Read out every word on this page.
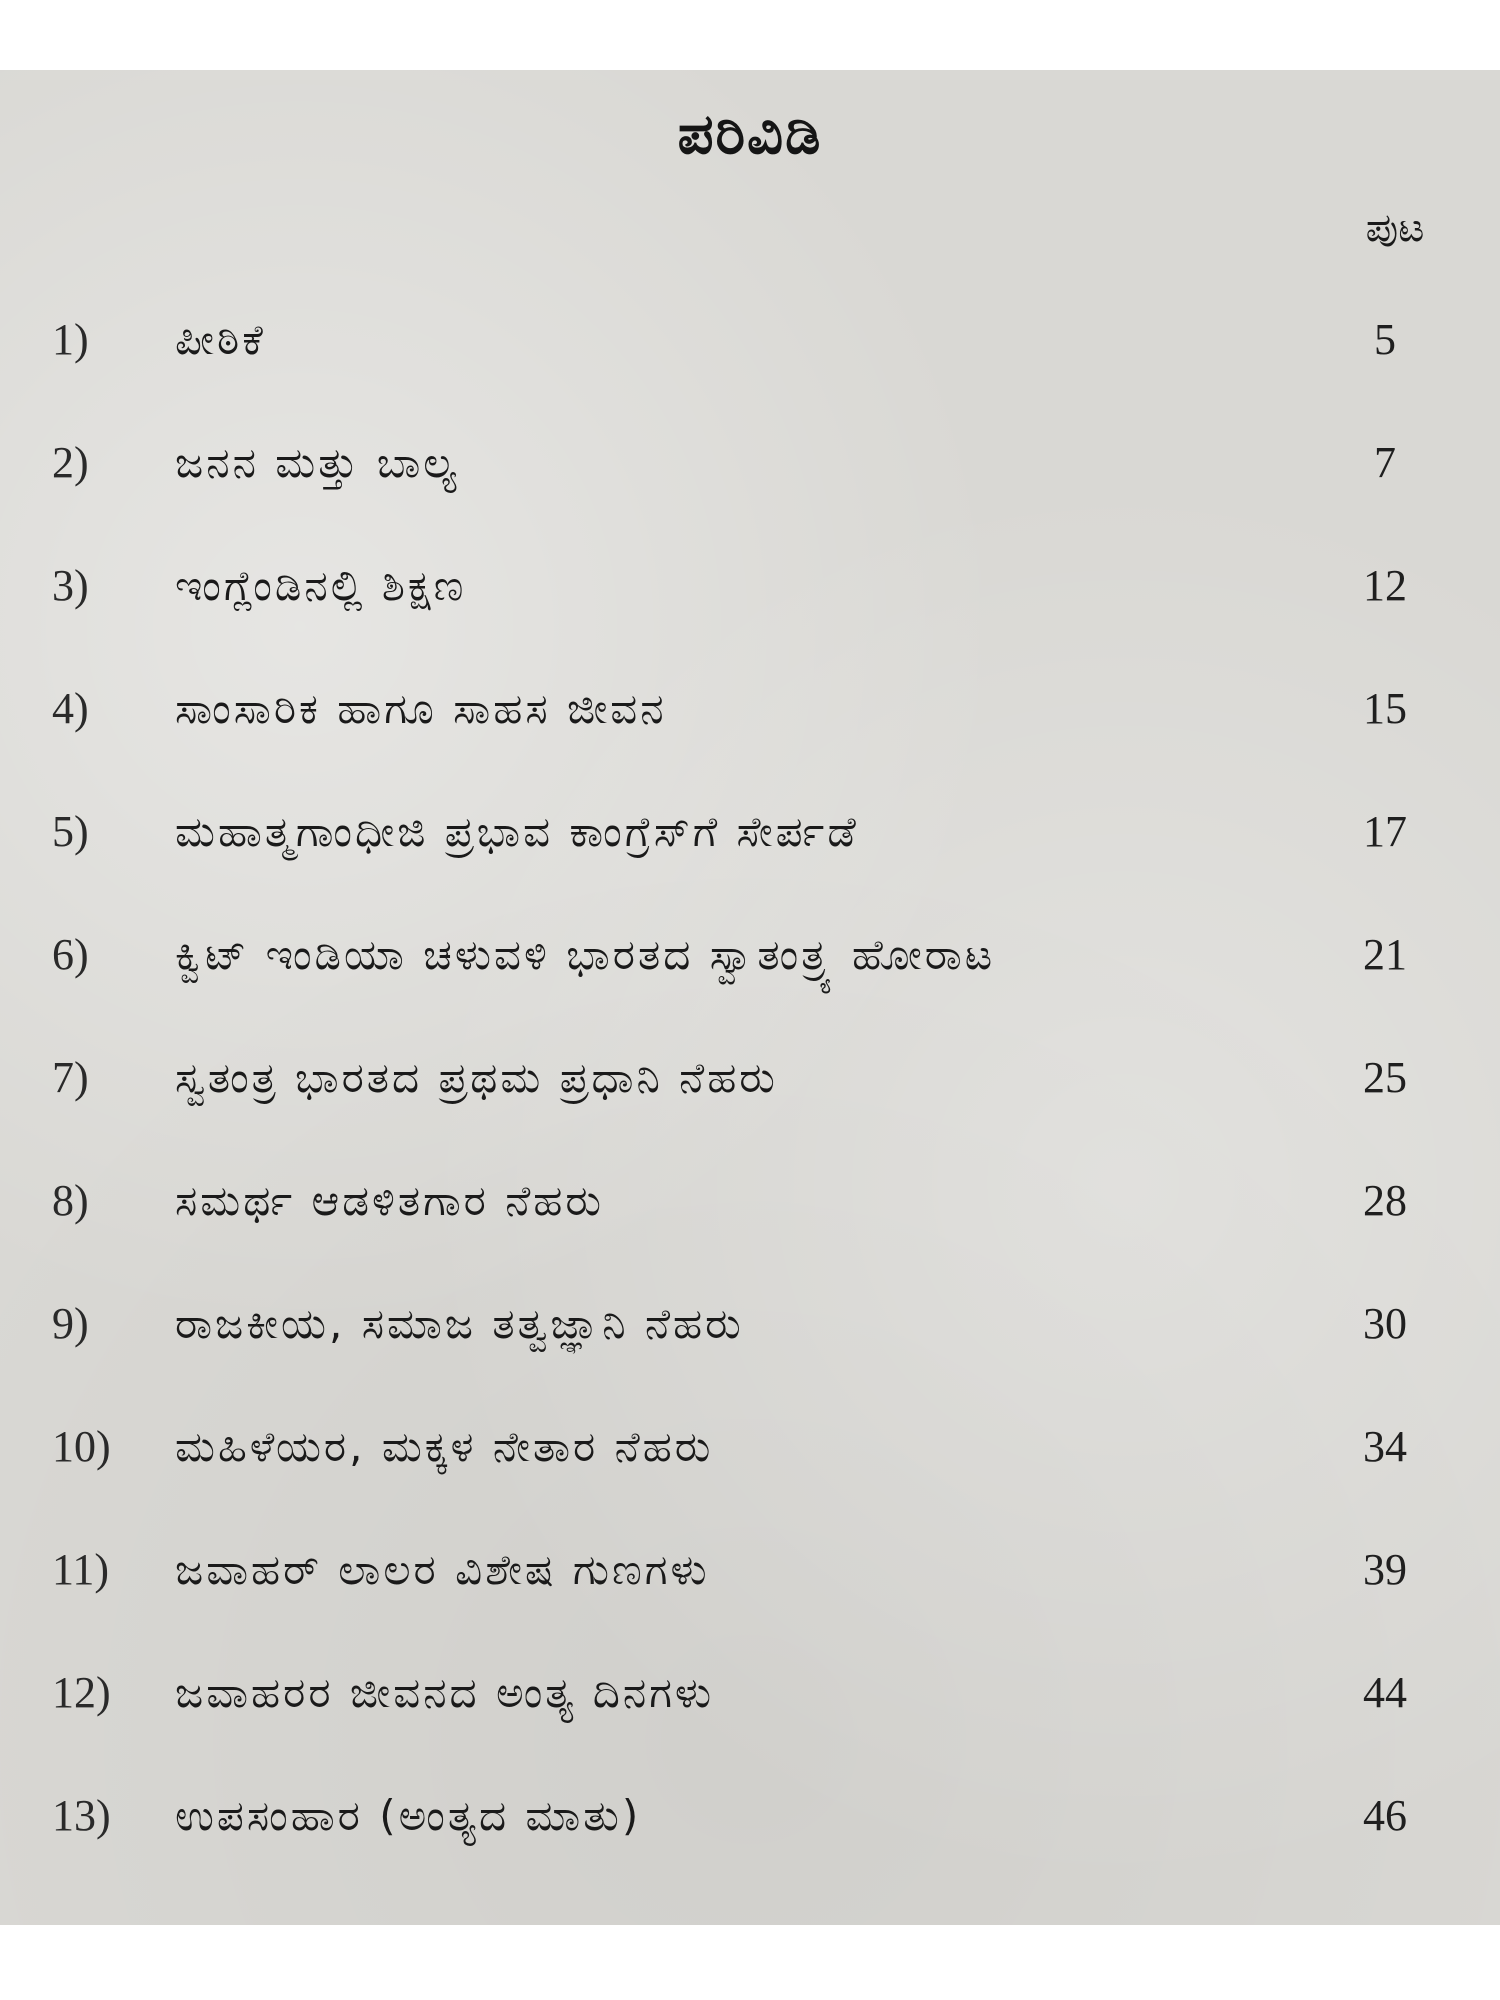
ಪರಿವಿಡಿ
ಪುಟ
1)	ಪೀಠಿಕೆ	5
2)	ಜನನ ಮತ್ತು ಬಾಲ್ಯ	7
3)	ಇಂಗ್ಲೆಂಡಿನಲ್ಲಿ ಶಿಕ್ಷಣ	12
4)	ಸಾಂಸಾರಿಕ ಹಾಗೂ ಸಾಹಸ ಜೀವನ	15
5)	ಮಹಾತ್ಮಗಾಂಧೀಜಿ ಪ್ರಭಾವ ಕಾಂಗ್ರೆಸ್‌ಗೆ ಸೇರ್ಪಡೆ	17
6)	ಕ್ವಿಟ್ ಇಂಡಿಯಾ ಚಳುವಳಿ ಭಾರತದ ಸ್ವಾತಂತ್ರ್ಯ ಹೋರಾಟ	21
7)	ಸ್ವತಂತ್ರ ಭಾರತದ ಪ್ರಥಮ ಪ್ರಧಾನಿ ನೆಹರು	25
8)	ಸಮರ್ಥ ಆಡಳಿತಗಾರ ನೆಹರು	28
9)	ರಾಜಕೀಯ, ಸಮಾಜ ತತ್ವಜ್ಞಾನಿ ನೆಹರು	30
10)	ಮಹಿಳೆಯರ, ಮಕ್ಕಳ ನೇತಾರ ನೆಹರು	34
11)	ಜವಾಹರ್ ಲಾಲರ ವಿಶೇಷ ಗುಣಗಳು	39
12)	ಜವಾಹರರ ಜೀವನದ ಅಂತ್ಯ ದಿನಗಳು	44
13)	ಉಪಸಂಹಾರ (ಅಂತ್ಯದ ಮಾತು)	46
